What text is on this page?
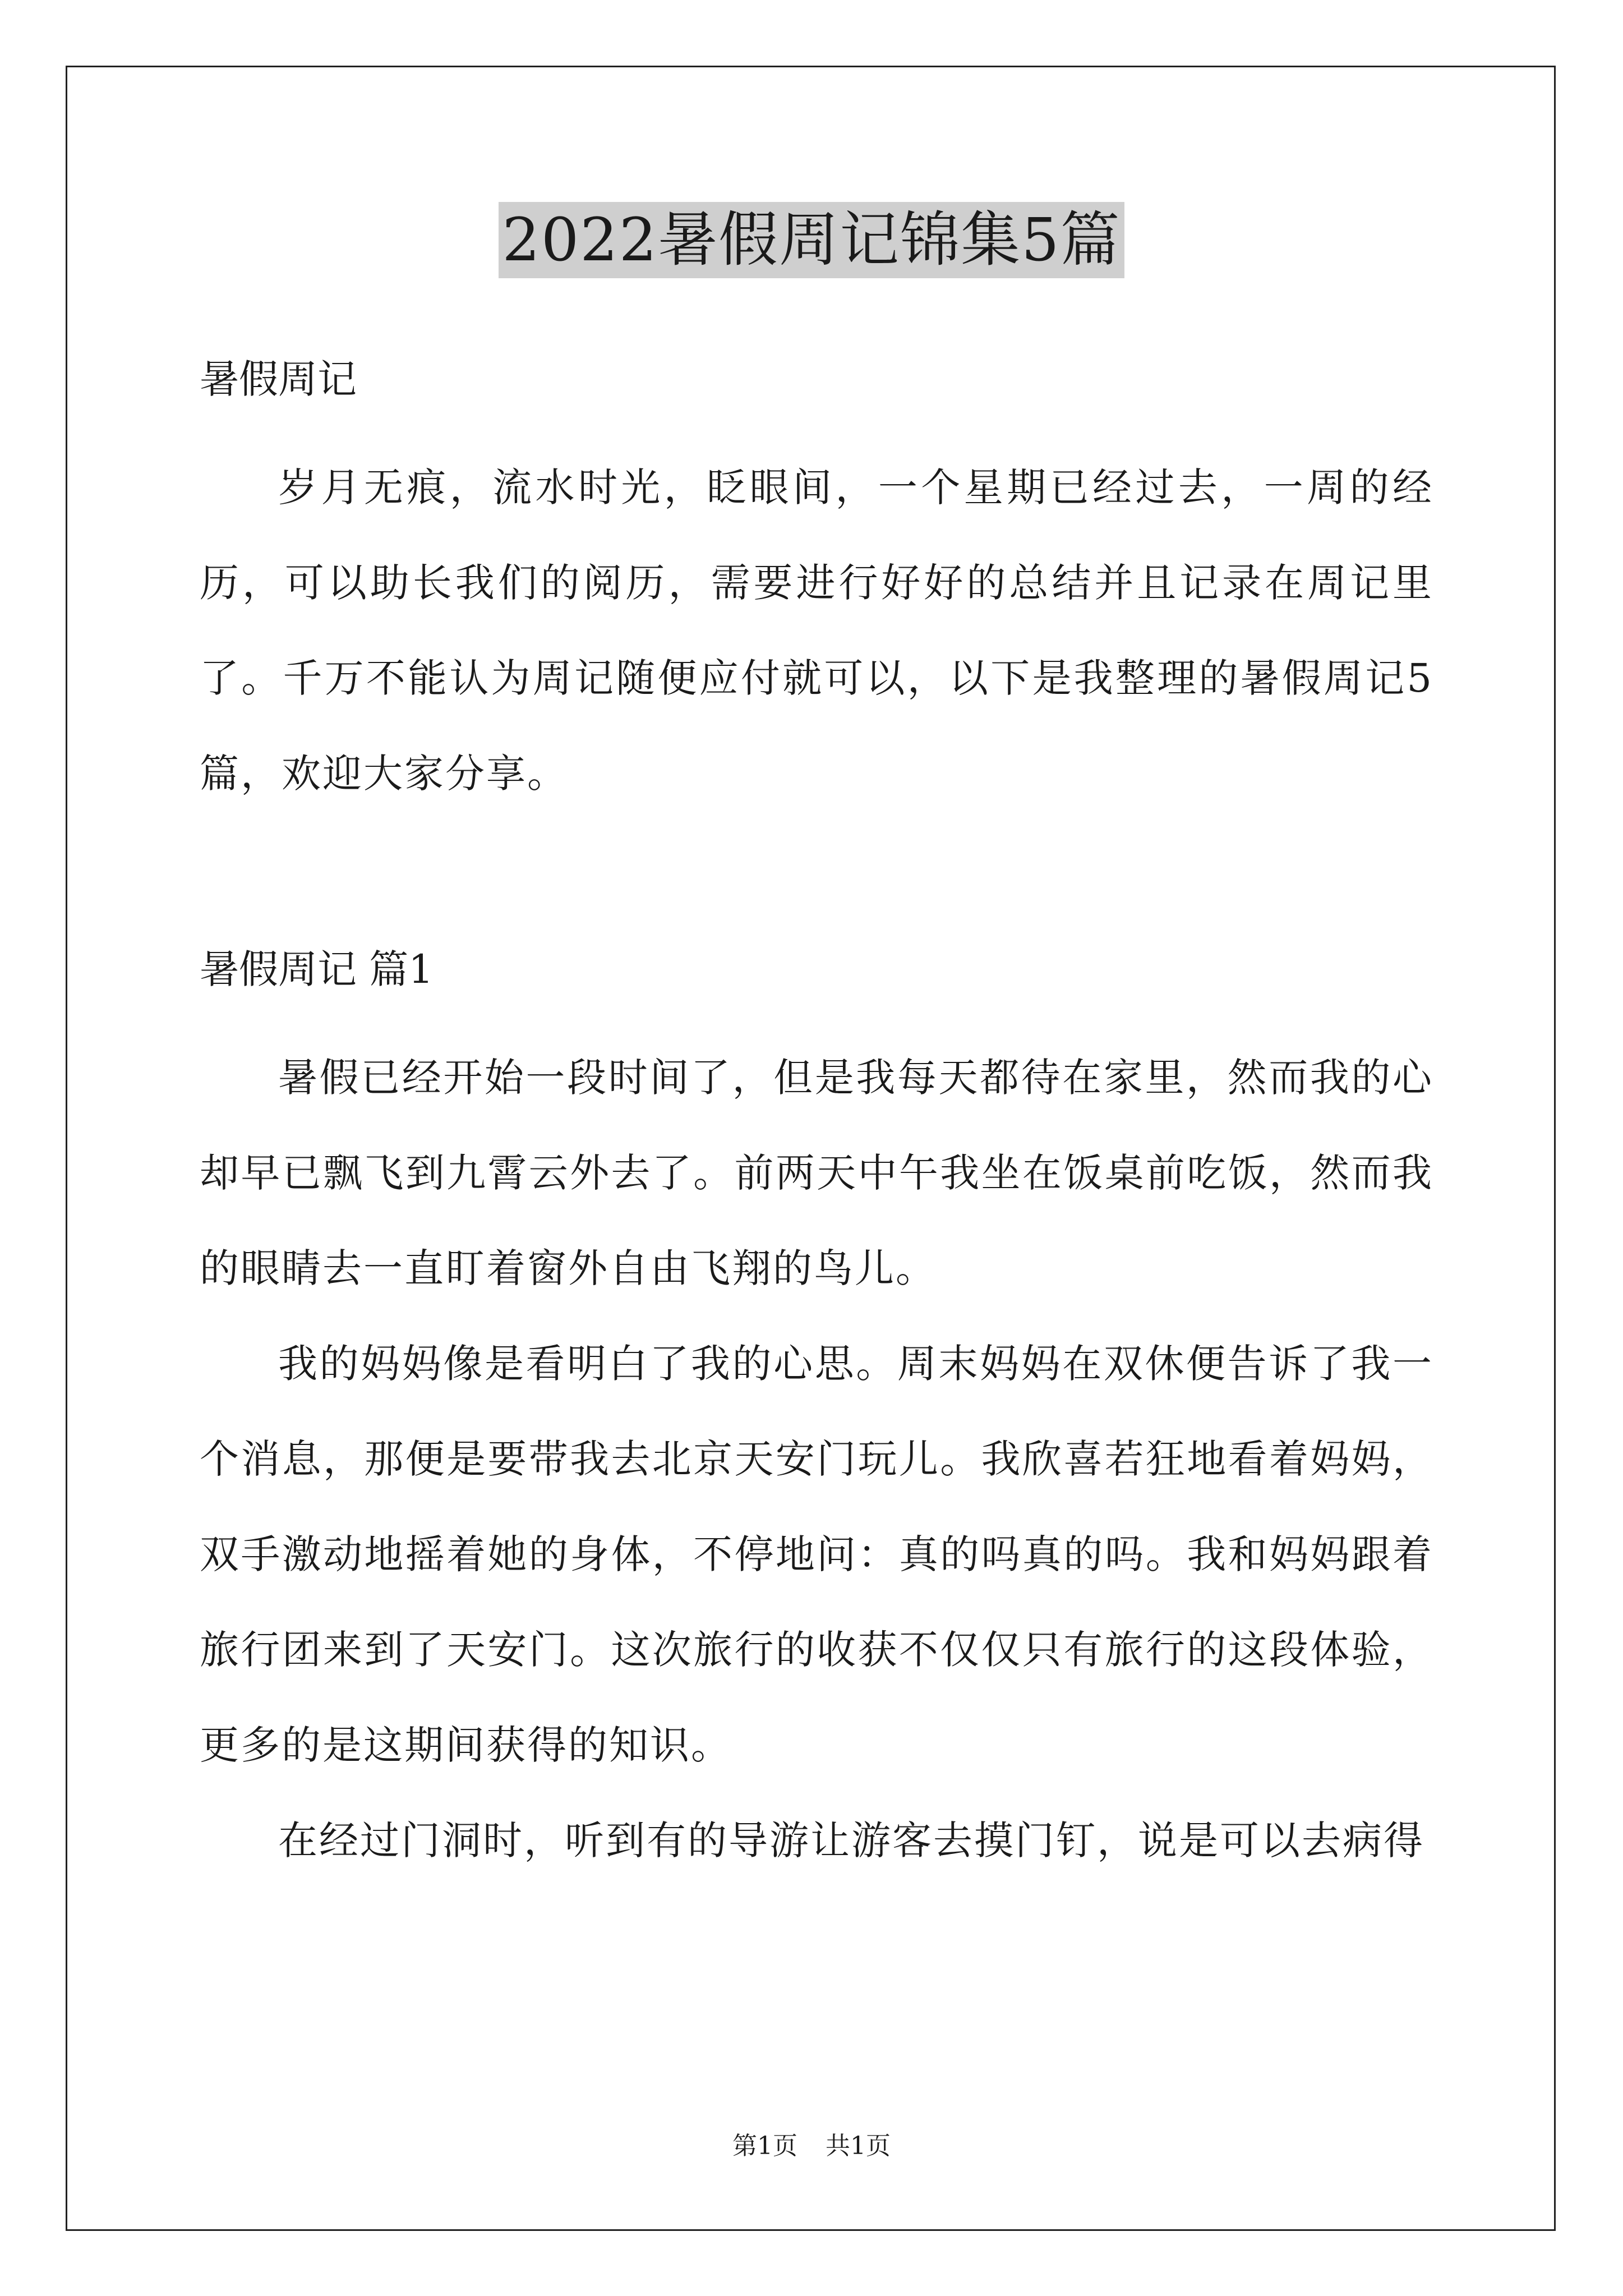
2022暑假周记锦集5篇

暑假周记

岁月无痕，流水时光，眨眼间，一个星期已经过去，一周的经历，可以助长我们的阅历，需要进行好好的总结并且记录在周记里了。千万不能认为周记随便应付就可以，以下是我整理的暑假周记5篇，欢迎大家分享。

暑假周记 篇1

暑假已经开始一段时间了，但是我每天都待在家里，然而我的心却早已飘飞到九霄云外去了。前两天中午我坐在饭桌前吃饭，然而我的眼睛去一直盯着窗外自由飞翔的鸟儿。

我的妈妈像是看明白了我的心思。周末妈妈在双休便告诉了我一个消息，那便是要带我去北京天安门玩儿。我欣喜若狂地看着妈妈，双手激动地摇着她的身体，不停地问：真的吗真的吗。我和妈妈跟着旅行团来到了天安门。这次旅行的收获不仅仅只有旅行的这段体验，更多的是这期间获得的知识。

在经过门洞时，听到有的导游让游客去摸门钉，说是可以去病得

第1页 共1页
